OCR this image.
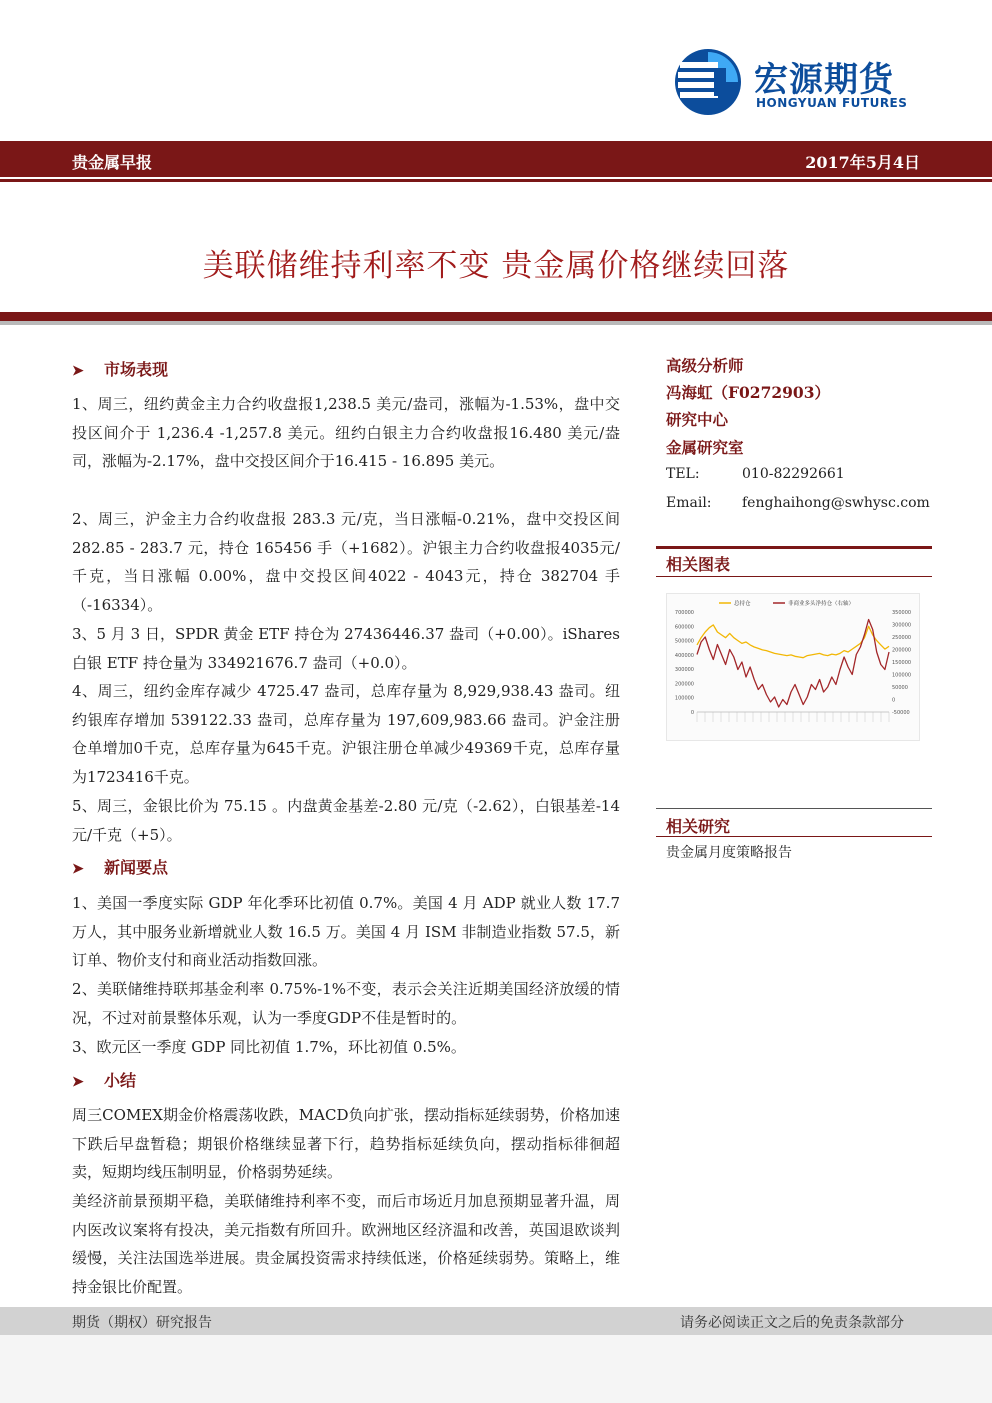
宏源期货
HONGYUAN FUTURES
贵金属早报	2017年5月4日
美联储维持利率不变 贵金属价格继续回落
➤ 市场表现
1、周三，纽约黄金主力合约收盘报1,238.5 美元/盎司，涨幅为-1.53%，盘中交投区间介于 1,236.4 -1,257.8 美元。纽约白银主力合约收盘报16.480 美元/盎司，涨幅为-2.17%，盘中交投区间介于16.415 - 16.895 美元。
2、周三，沪金主力合约收盘报 283.3 元/克，当日涨幅-0.21%，盘中交投区间 282.85 - 283.7 元，持仓 165456 手（+1682）。沪银主力合约收盘报4035元/千克，当日涨幅 0.00%，盘中交投区间4022 - 4043元，持仓 382704 手（-16334）。
3、5 月 3 日，SPDR 黄金 ETF 持仓为 27436446.37 盎司（+0.00）。iShares 白银 ETF 持仓量为 334921676.7 盎司（+0.0）。
4、周三，纽约金库存减少 4725.47 盎司，总库存量为 8,929,938.43 盎司。纽约银库存增加 539122.33 盎司，总库存量为 197,609,983.66 盎司。沪金注册仓单增加0千克，总库存量为645千克。沪银注册仓单减少49369千克，总库存量为1723416千克。
5、周三，金银比价为 75.15 。内盘黄金基差-2.80 元/克（-2.62），白银基差-14 元/千克（+5）。
➤ 新闻要点
1、美国一季度实际 GDP 年化季环比初值 0.7%。美国 4 月 ADP 就业人数 17.7 万人，其中服务业新增就业人数 16.5 万。美国 4 月 ISM 非制造业指数 57.5，新订单、物价支付和商业活动指数回涨。
2、美联储维持联邦基金利率 0.75%-1%不变，表示会关注近期美国经济放缓的情况，不过对前景整体乐观，认为一季度GDP不佳是暂时的。
3、欧元区一季度 GDP 同比初值 1.7%，环比初值 0.5%。
➤ 小结
周三COMEX期金价格震荡收跌，MACD负向扩张，摆动指标延续弱势，价格加速下跌后早盘暂稳；期银价格继续显著下行，趋势指标延续负向，摆动指标徘徊超卖，短期均线压制明显，价格弱势延续。
美经济前景预期平稳，美联储维持利率不变，而后市场近月加息预期显著升温，周内医改议案将有投决，美元指数有所回升。欧洲地区经济温和改善，英国退欧谈判缓慢，关注法国选举进展。贵金属投资需求持续低迷，价格延续弱势。策略上，维持金银比价配置。
高级分析师
冯海虹（F0272903）
研究中心
金属研究室
TEL:	010-82292661
Email: fenghaihong@swhysc.com
相关图表
总持仓	非商业多头净持仓（右轴）
0
100000
200000
300000
400000
500000
600000
700000
-50000
0
50000
100000
150000
200000
250000
300000
350000
相关研究
贵金属月度策略报告
期货（期权）研究报告	请务必阅读正文之后的免责条款部分
